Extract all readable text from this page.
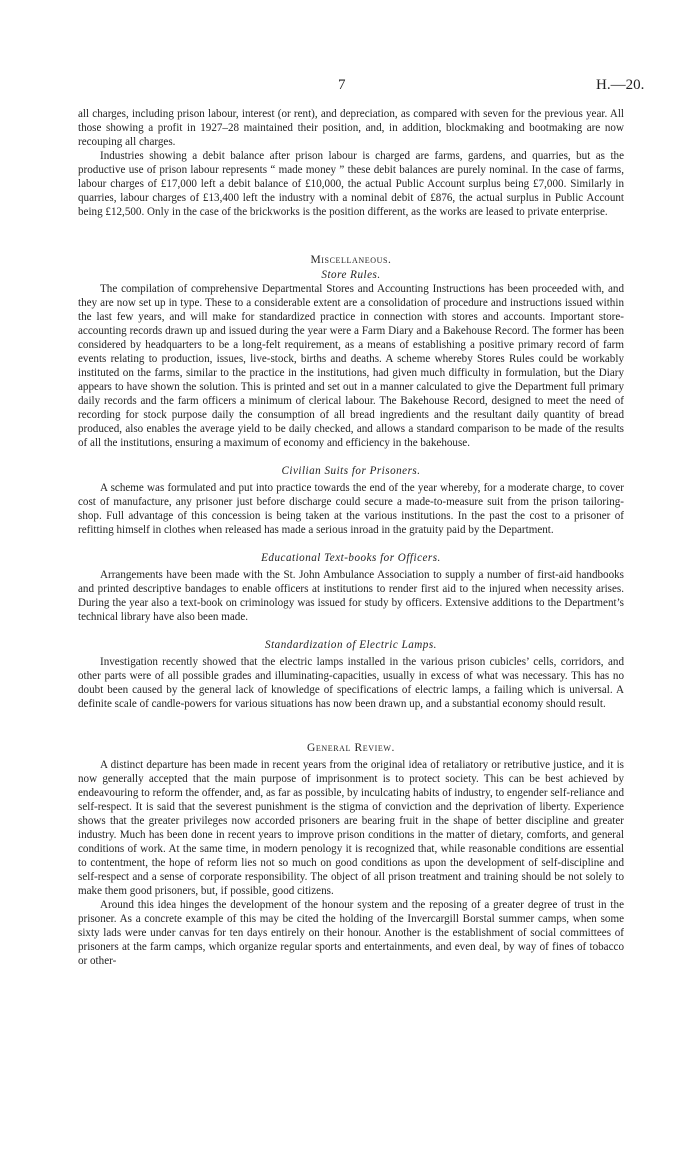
7	H.—20.

all charges, including prison labour, interest (or rent), and depreciation, as compared with seven for the previous year. All those showing a profit in 1927–28 maintained their position, and, in addition, blockmaking and bootmaking are now recouping all charges.

Industries showing a debit balance after prison labour is charged are farms, gardens, and quarries, but as the productive use of prison labour represents “ made money ” these debit balances are purely nominal. In the case of farms, labour charges of £17,000 left a debit balance of £10,000, the actual Public Account surplus being £7,000. Similarly in quarries, labour charges of £13,400 left the industry with a nominal debit of £876, the actual surplus in Public Account being £12,500. Only in the case of the brickworks is the position different, as the works are leased to private enterprise.

Miscellaneous.
Store Rules.

The compilation of comprehensive Departmental Stores and Accounting Instructions has been proceeded with, and they are now set up in type. These to a considerable extent are a consolidation of procedure and instructions issued within the last few years, and will make for standardized practice in connection with stores and accounts. Important store-accounting records drawn up and issued during the year were a Farm Diary and a Bakehouse Record. The former has been considered by headquarters to be a long-felt requirement, as a means of establishing a positive primary record of farm events relating to production, issues, live-stock, births and deaths. A scheme whereby Stores Rules could be workably instituted on the farms, similar to the practice in the institutions, had given much difficulty in formulation, but the Diary appears to have shown the solution. This is printed and set out in a manner calculated to give the Department full primary daily records and the farm officers a minimum of clerical labour. The Bakehouse Record, designed to meet the need of recording for stock purpose daily the consumption of all bread ingredients and the resultant daily quantity of bread produced, also enables the average yield to be daily checked, and allows a standard comparison to be made of the results of all the institutions, ensuring a maximum of economy and efficiency in the bakehouse.

Civilian Suits for Prisoners.

A scheme was formulated and put into practice towards the end of the year whereby, for a moderate charge, to cover cost of manufacture, any prisoner just before discharge could secure a made-to-measure suit from the prison tailoring-shop. Full advantage of this concession is being taken at the various institutions. In the past the cost to a prisoner of refitting himself in clothes when released has made a serious inroad in the gratuity paid by the Department.

Educational Text-books for Officers.

Arrangements have been made with the St. John Ambulance Association to supply a number of first-aid handbooks and printed descriptive bandages to enable officers at institutions to render first aid to the injured when necessity arises. During the year also a text-book on criminology was issued for study by officers. Extensive additions to the Department’s technical library have also been made.

Standardization of Electric Lamps.

Investigation recently showed that the electric lamps installed in the various prison cubicles’ cells, corridors, and other parts were of all possible grades and illuminating-capacities, usually in excess of what was necessary. This has no doubt been caused by the general lack of knowledge of specifications of electric lamps, a failing which is universal. A definite scale of candle-powers for various situations has now been drawn up, and a substantial economy should result.

General Review.

A distinct departure has been made in recent years from the original idea of retaliatory or retributive justice, and it is now generally accepted that the main purpose of imprisonment is to protect society. This can be best achieved by endeavouring to reform the offender, and, as far as possible, by inculcating habits of industry, to engender self-reliance and self-respect. It is said that the severest punishment is the stigma of conviction and the deprivation of liberty. Experience shows that the greater privileges now accorded prisoners are bearing fruit in the shape of better discipline and greater industry. Much has been done in recent years to improve prison conditions in the matter of dietary, comforts, and general conditions of work. At the same time, in modern penology it is recognized that, while reasonable conditions are essential to contentment, the hope of reform lies not so much on good conditions as upon the development of self-discipline and self-respect and a sense of corporate responsibility. The object of all prison treatment and training should be not solely to make them good prisoners, but, if possible, good citizens.

Around this idea hinges the development of the honour system and the reposing of a greater degree of trust in the prisoner. As a concrete example of this may be cited the holding of the Invercargill Borstal summer camps, when some sixty lads were under canvas for ten days entirely on their honour. Another is the establishment of social committees of prisoners at the farm camps, which organize regular sports and entertainments, and even deal, by way of fines of tobacco or other-
